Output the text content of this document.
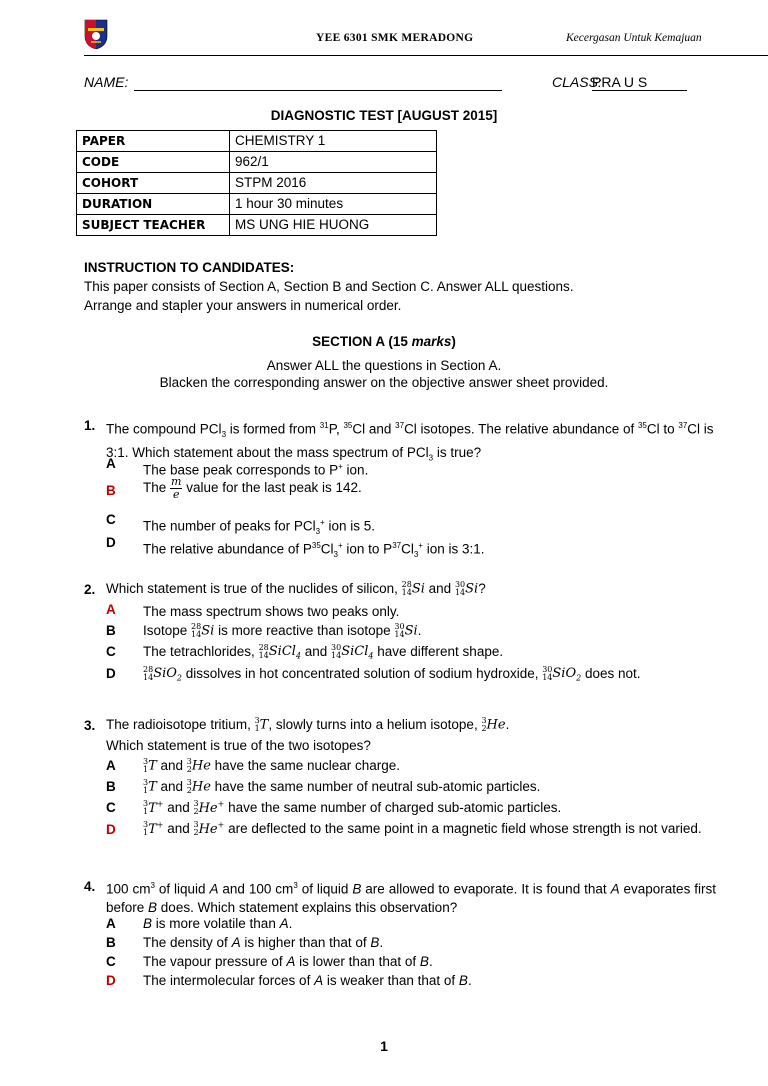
YEE 6301 SMK MERADONG	Kecergasan Untuk Kemajuan
NAME:	CLASS:
PRA U S
DIAGNOSTIC TEST [AUGUST 2015]
PAPER	CHEMISTRY 1
CODE	962/1
COHORT	STPM 2016
DURATION	1 hour 30 minutes
SUBJECT TEACHER	MS UNG HIE HUONG
INSTRUCTION TO CANDIDATES:
This paper consists of Section A, Section B and Section C. Answer ALL questions.
Arrange and stapler your answers in numerical order.
SECTION A (15 marks)
Answer ALL the questions in Section A.
Blacken the corresponding answer on the objective answer sheet provided.
1. The compound PCl$_3$ is formed from $^{31}$P, $^{35}$Cl and $^{37}$Cl isotopes. The relative abundance of $^{35}$Cl to $^{37}$Cl is 3:1. Which statement about the mass spectrum of PCl$_3$ is true?
A The base peak corresponds to P+ ion.
B The $\frac{m}{e}$ value for the last peak is 142.
C The number of peaks for PCl$_3$+ ion is 5.
D The relative abundance of $P^{35}Cl_3^+$ ion to $P^{37}Cl_3^+$ ion is 3:1.
2. Which statement is true of the nuclides of silicon, 28
14 Si and 30
14 Si?
A The mass spectrum shows two peaks only.
B Isotope 28
14 Si is more reactive than isotope 30
14 Si.
C The tetrachlorides, 28
14 SiCl$_4$ and 30
14 SiCl$_4$ have different shape.
D	28
14 SiO$_2$ dissolves in hot concentrated solution of sodium hydroxide, 30
14 SiO$_2$ does not.
3. The radioisotope tritium, 3
1 T, slowly turns into a helium isotope, 3
2 He.
Which statement is true of the two isotopes?
A	3
1 T and 3
2 He have the same nuclear charge.
B	3
1 T and 3
2 He have the same number of neutral sub-atomic particles.
C	3
1 T+ and 3
2 He+ have the same number of charged sub-atomic particles.
D	3
1 T+ and 3
2 He+ are deflected to the same point in a magnetic field whose strength is not varied.
4. 100 $cm^3$ of liquid A and 100 $cm^3$ of liquid B are allowed to evaporate. It is found that A evaporates first before B does. Which statement explains this observation?
A B is more volatile than A.
B The density of A is higher than that of B.
C The vapour pressure of A is lower than that of B.
D The intermolecular forces of A is weaker than that of B.
1
